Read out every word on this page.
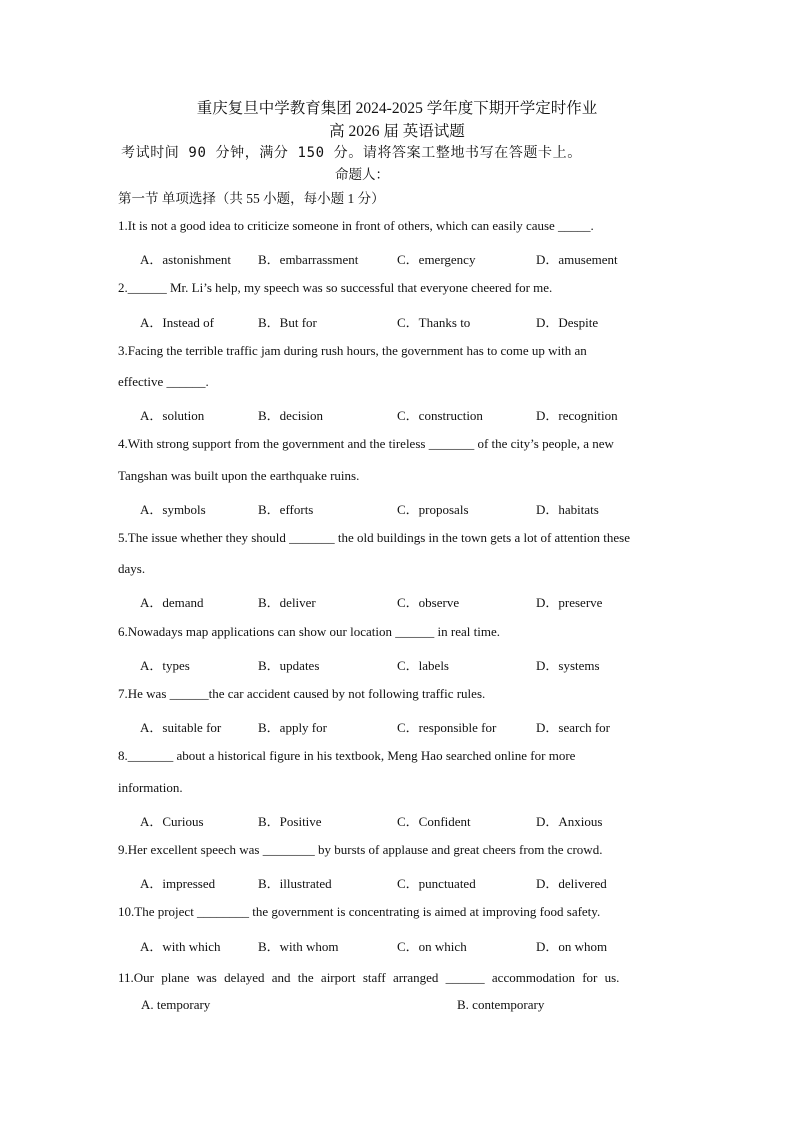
重庆复旦中学教育集团 2024-2025 学年度下期开学定时作业
高 2026 届 英语试题
考试时间 90 分钟，满分 150 分。请将答案工整地书写在答题卡上。
命题人：
第一节 单项选择（共 55 小题，每小题 1 分）
1.It is not a good idea to criticize someone in front of others, which can easily cause _____.
A．astonishment B．embarrassment	C．emergency	D．amusement
2.______ Mr. Li’s help, my speech was so successful that everyone cheered for me.
A．Instead of	B．But for	C．Thanks to	D．Despite
3.Facing the terrible traffic jam during rush hours, the government has to come up with an
effective ______.
A．solution	B．decision	C．construction	D．recognition
4.With strong support from the government and the tireless _______ of the city’s people, a new
Tangshan was built upon the earthquake ruins.
A．symbols	B．efforts	C．proposals	D．habitats
5.The issue whether they should _______ the old buildings in the town gets a lot of attention these
days.
A．demand	B．deliver	C．observe	D．preserve
6.Nowadays map applications can show our location ______ in real time.
A．types	B．updates	C．labels	D．systems
7.He was ______the car accident caused by not following traffic rules.
A．suitable for	B．apply for	C．responsible for	D．search for
8._______ about a historical figure in his textbook, Meng Hao searched online for more
information.
A．Curious	B．Positive	C．Confident	D．Anxious
9.Her excellent speech was ________ by bursts of applause and great cheers from the crowd.
A．impressed	B．illustrated	C．punctuated	D．delivered
10.The project ________ the government is concentrating is aimed at improving food safety.
A．with which	B．with whom	C．on which	D．on whom
11.Our plane was delayed and the airport staff arranged ______ accommodation for us.
A. temporary	B. contemporary
